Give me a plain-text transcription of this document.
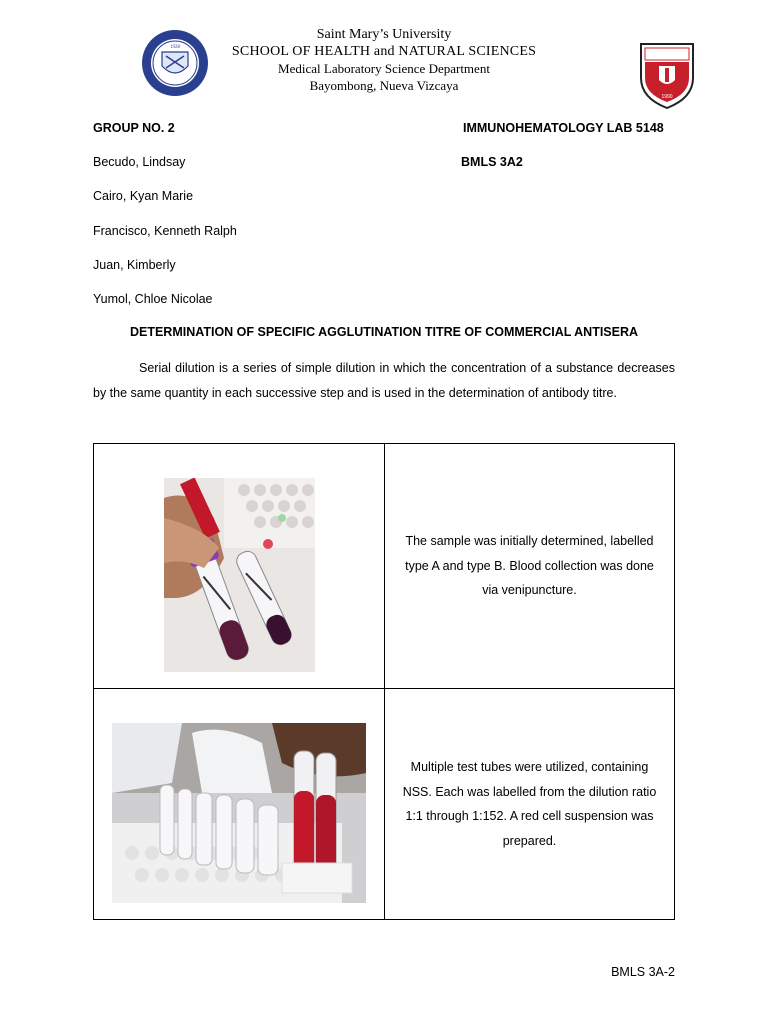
1928
Saint Mary’s University
SCHOOL OF HEALTH and NATURAL SCIENCES
Medical Laboratory Science Department
Bayombong, Nueva Vizcaya
1990
GROUP NO. 2	IMMUNOHEMATOLOGY LAB 5148
BMLS 3A2
Becudo, Lindsay
Cairo, Kyan Marie
Francisco, Kenneth Ralph
Juan, Kimberly
Yumol, Chloe Nicolae
DETERMINATION OF SPECIFIC AGGLUTINATION TITRE OF COMMERCIAL ANTISERA
Serial dilution is a series of simple dilution in which the concentration of a substance decreases by the same quantity in each successive step and is used in the determination of antibody titre.
	The sample was initially determined, labelled type A and type B. Blood collection was done via venipuncture.

	Multiple test tubes were utilized, containing NSS. Each was labelled from the dilution ratio 1:1 through 1:152. A red cell suspension was prepared.
BMLS 3A-2
